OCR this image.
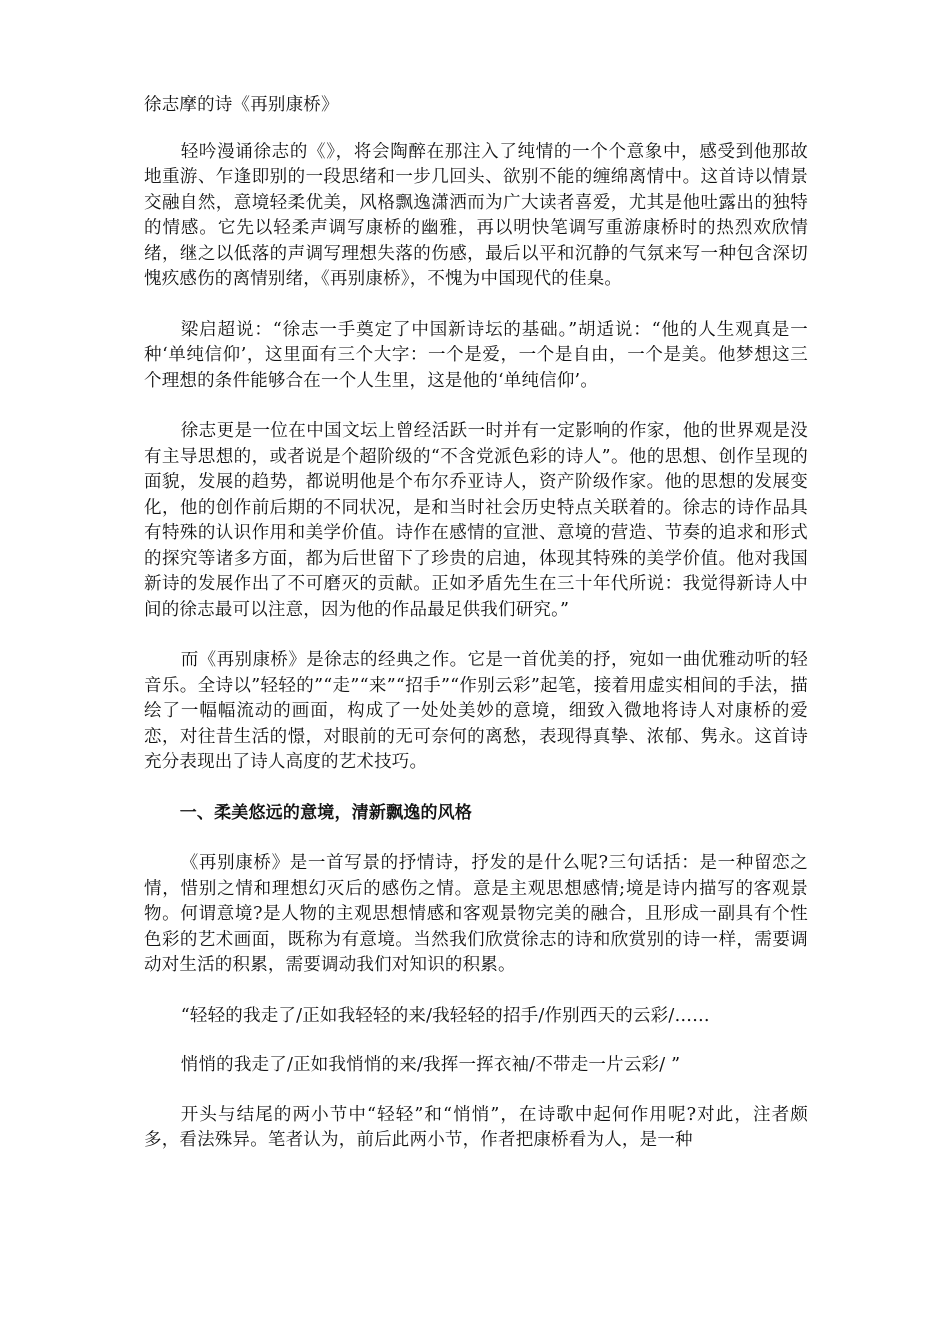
徐志摩的诗《再别康桥》

轻吟漫诵徐志的《》，将会陶醉在那注入了纯情的一个个意象中，感受到他那故地重游、乍逢即别的一段思绪和一步几回头、欲别不能的缠绵离情中。这首诗以情景交融自然，意境轻柔优美，风格飘逸潇洒而为广大读者喜爱，尤其是他吐露出的独特的情感。它先以轻柔声调写康桥的幽雅，再以明快笔调写重游康桥时的热烈欢欣情绪，继之以低落的声调写理想失落的伤感，最后以平和沉静的气氛来写一种包含深切愧疚感伤的离情别绪，《再别康桥》，不愧为中国现代的佳臬。

梁启超说：“徐志一手奠定了中国新诗坛的基础。”胡适说：“他的人生观真是一种‘单纯信仰’，这里面有三个大字：一个是爱，一个是自由，一个是美。他梦想这三个理想的条件能够合在一个人生里，这是他的‘单纯信仰’。

徐志更是一位在中国文坛上曾经活跃一时并有一定影响的作家，他的世界观是没有主导思想的，或者说是个超阶级的“不含党派色彩的诗人”。他的思想、创作呈现的面貌，发展的趋势，都说明他是个布尔乔亚诗人，资产阶级作家。他的思想的发展变化，他的创作前后期的不同状况，是和当时社会历史特点关联着的。徐志的诗作品具有特殊的认识作用和美学价值。诗作在感情的宣泄、意境的营造、节奏的追求和形式的探究等诸多方面，都为后世留下了珍贵的启迪，体现其特殊的美学价值。他对我国新诗的发展作出了不可磨灭的贡献。正如矛盾先生在三十年代所说：我觉得新诗人中间的徐志最可以注意，因为他的作品最足供我们研究。”

而《再别康桥》是徐志的经典之作。它是一首优美的抒，宛如一曲优雅动听的轻音乐。全诗以”轻轻的”“走”“来”“招手”“作别云彩”起笔，接着用虚实相间的手法，描绘了一幅幅流动的画面，构成了一处处美妙的意境，细致入微地将诗人对康桥的爱恋，对往昔生活的憬，对眼前的无可奈何的离愁，表现得真挚、浓郁、隽永。这首诗充分表现出了诗人高度的艺术技巧。

一、柔美悠远的意境，清新飘逸的风格

《再别康桥》是一首写景的抒情诗，抒发的是什么呢?三句话括：是一种留恋之情，惜别之情和理想幻灭后的感伤之情。意是主观思想感情;境是诗内描写的客观景物。何谓意境?是人物的主观思想情感和客观景物完美的融合，且形成一副具有个性色彩的艺术画面，既称为有意境。当然我们欣赏徐志的诗和欣赏别的诗一样，需要调动对生活的积累，需要调动我们对知识的积累。

“轻轻的我走了/正如我轻轻的来/我轻轻的招手/作别西天的云彩/……
悄悄的我走了/正如我悄悄的来/我挥一挥衣袖/不带走一片云彩/ ”

开头与结尾的两小节中“轻轻”和“悄悄”，在诗歌中起何作用呢?对此，注者颇多，看法殊异。笔者认为，前后此两小节，作者把康桥看为人，是一种
